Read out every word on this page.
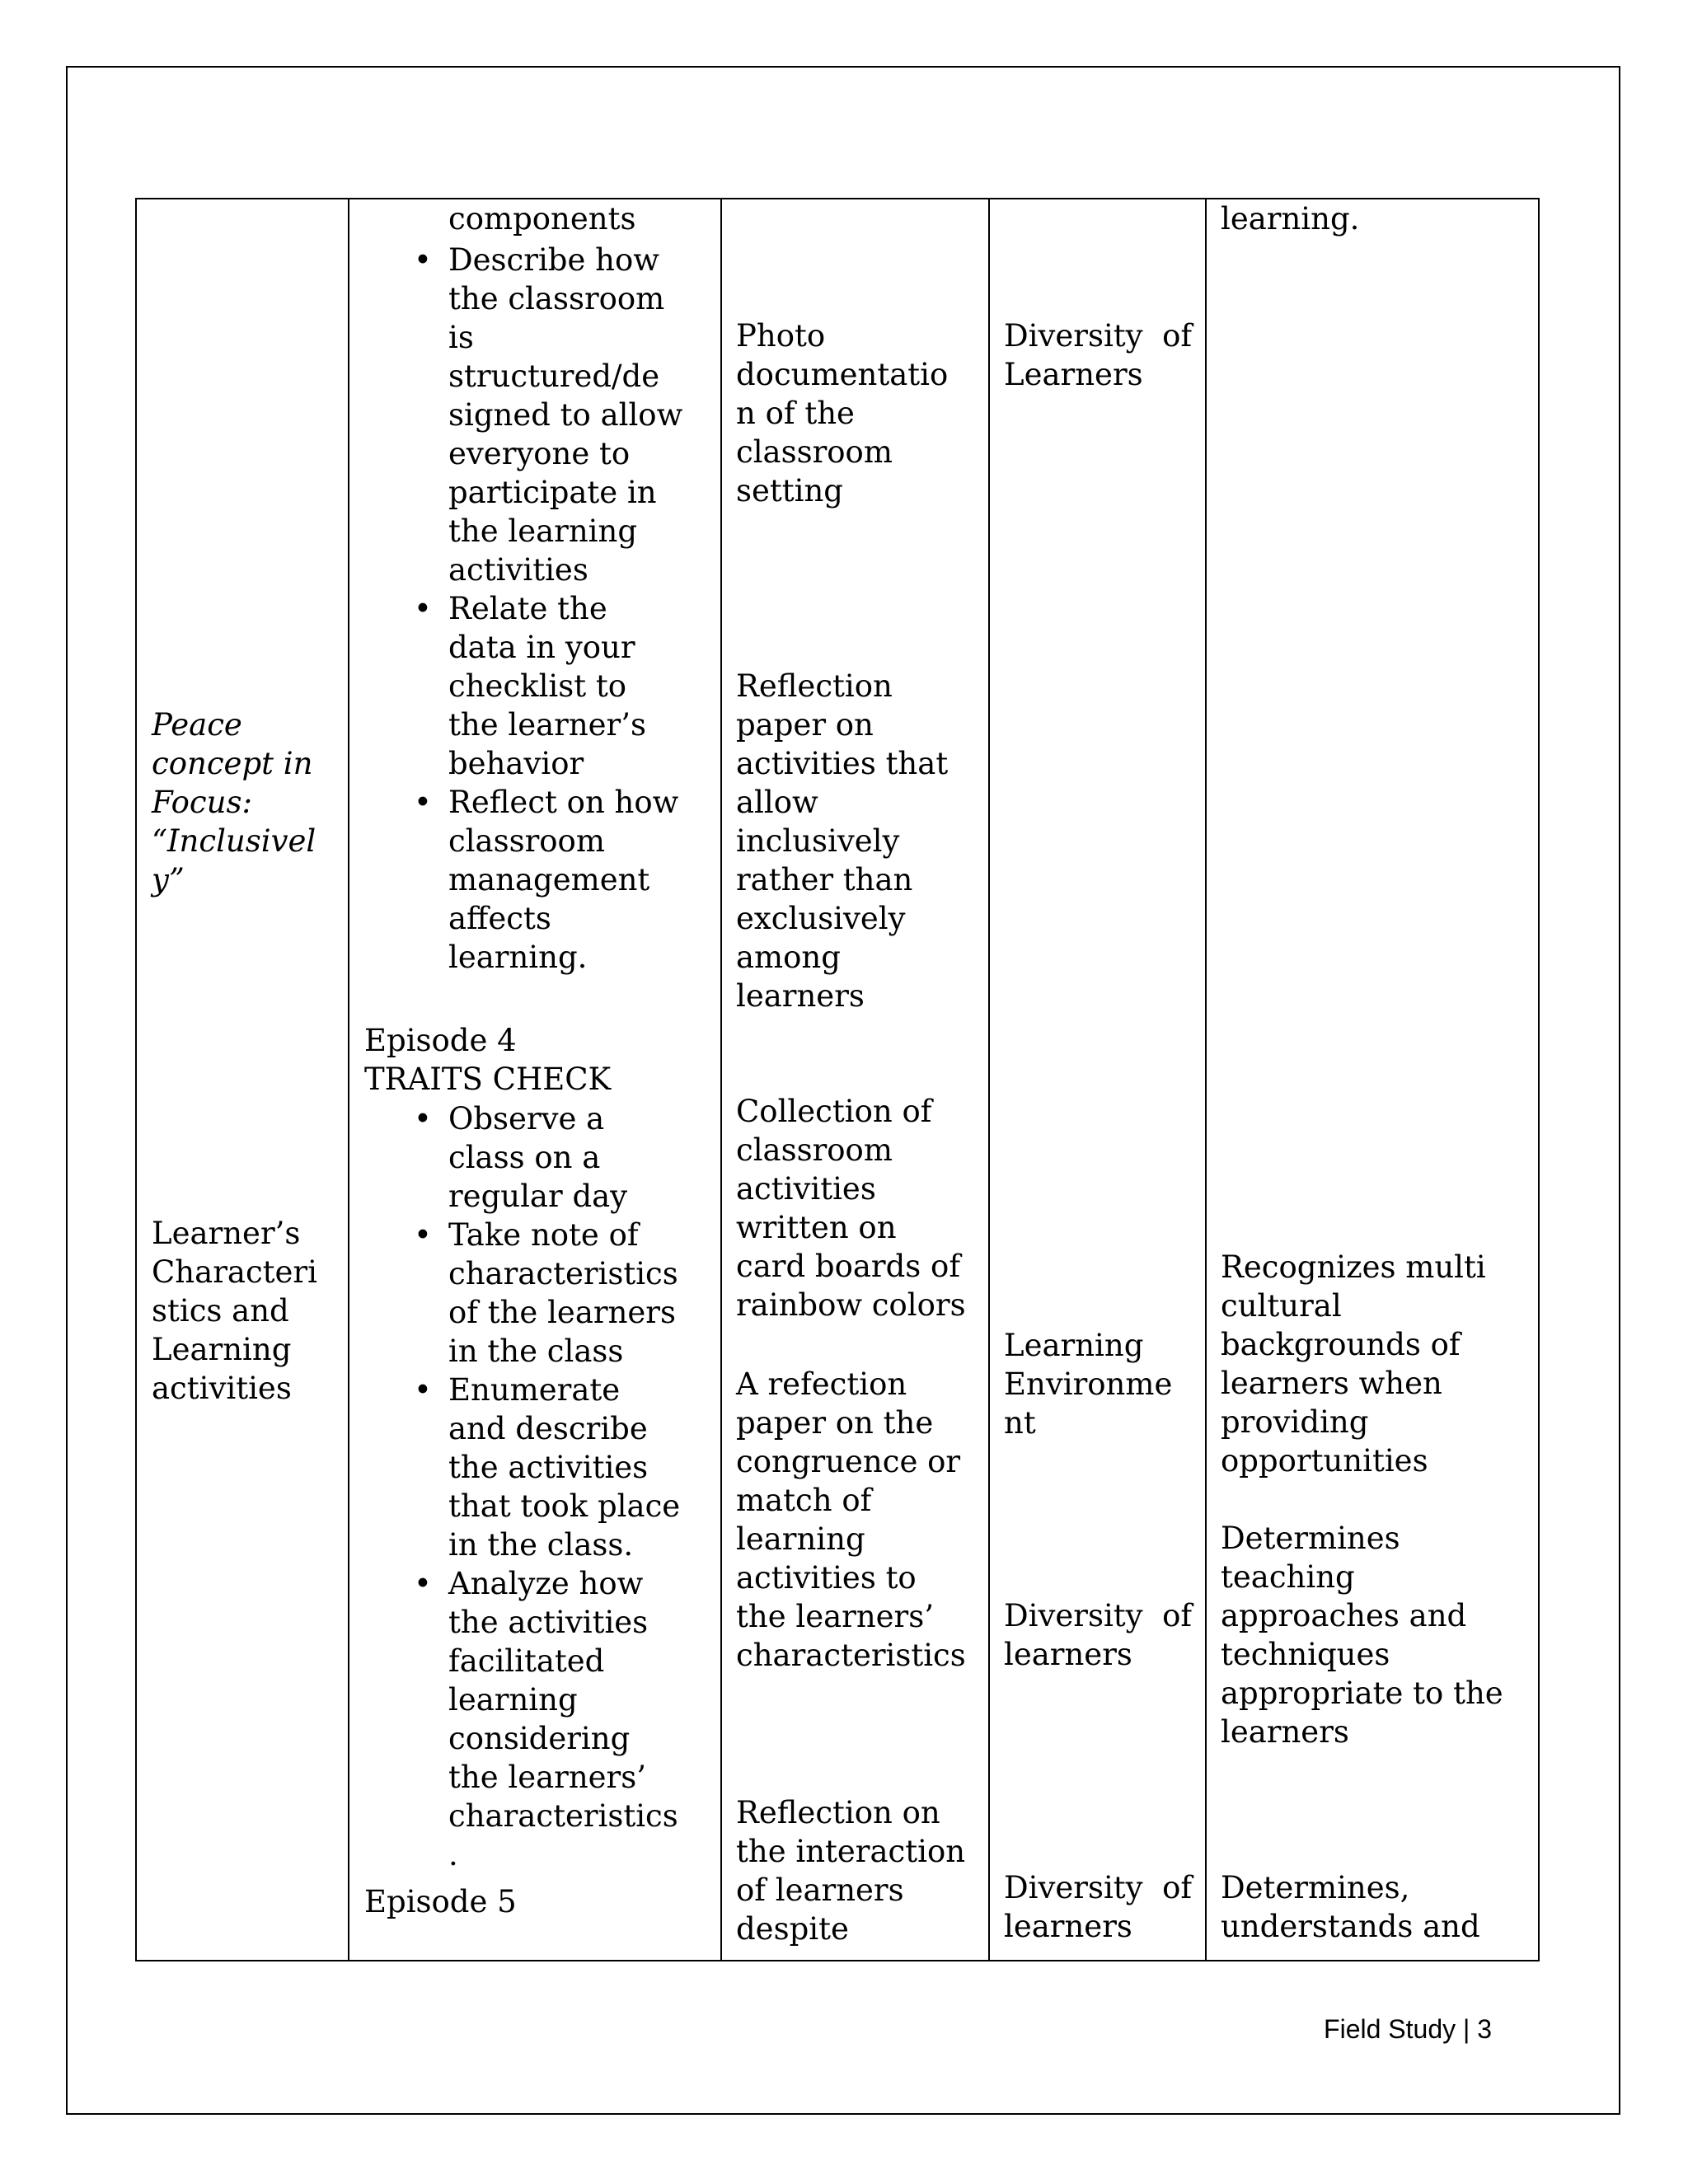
Peace
concept in
Focus:
“Inclusivel
y”
Learner’s
Characteri
stics and
Learning
activities
components
• Describe how
the classroom
is
structured/de
signed to allow
everyone to
participate in
the learning
activities
• Relate the
data in your
checklist to
the learner’s
behavior
• Reflect on how
classroom
management
affects
learning.
Episode 4
TRAITS CHECK
• Observe a
class on a
regular day
• Take note of
characteristics
of the learners
in the class
• Enumerate
and describe
the activities
that took place
in the class.
• Analyze how
the activities
facilitated
learning
considering
the learners’
characteristics
.
Episode 5
Photo
documentatio
n of the
classroom
setting
Reflection
paper on
activities that
allow
inclusively
rather than
exclusively
among
learners
Collection of
classroom
activities
written on
card boards of
rainbow colors
A refection
paper on the
congruence or
match of
learning
activities to
the learners’
characteristics
Reflection on
the interaction
of learners
despite
Diversity  of
Learners
Learning
Environme
nt
Diversity  of
learners
Diversity  of
learners
learning.
Recognizes multi
cultural
backgrounds of
learners when
providing
opportunities
Determines
teaching
approaches and
techniques
appropriate to the
learners
Determines,
understands and
Field Study | 3
